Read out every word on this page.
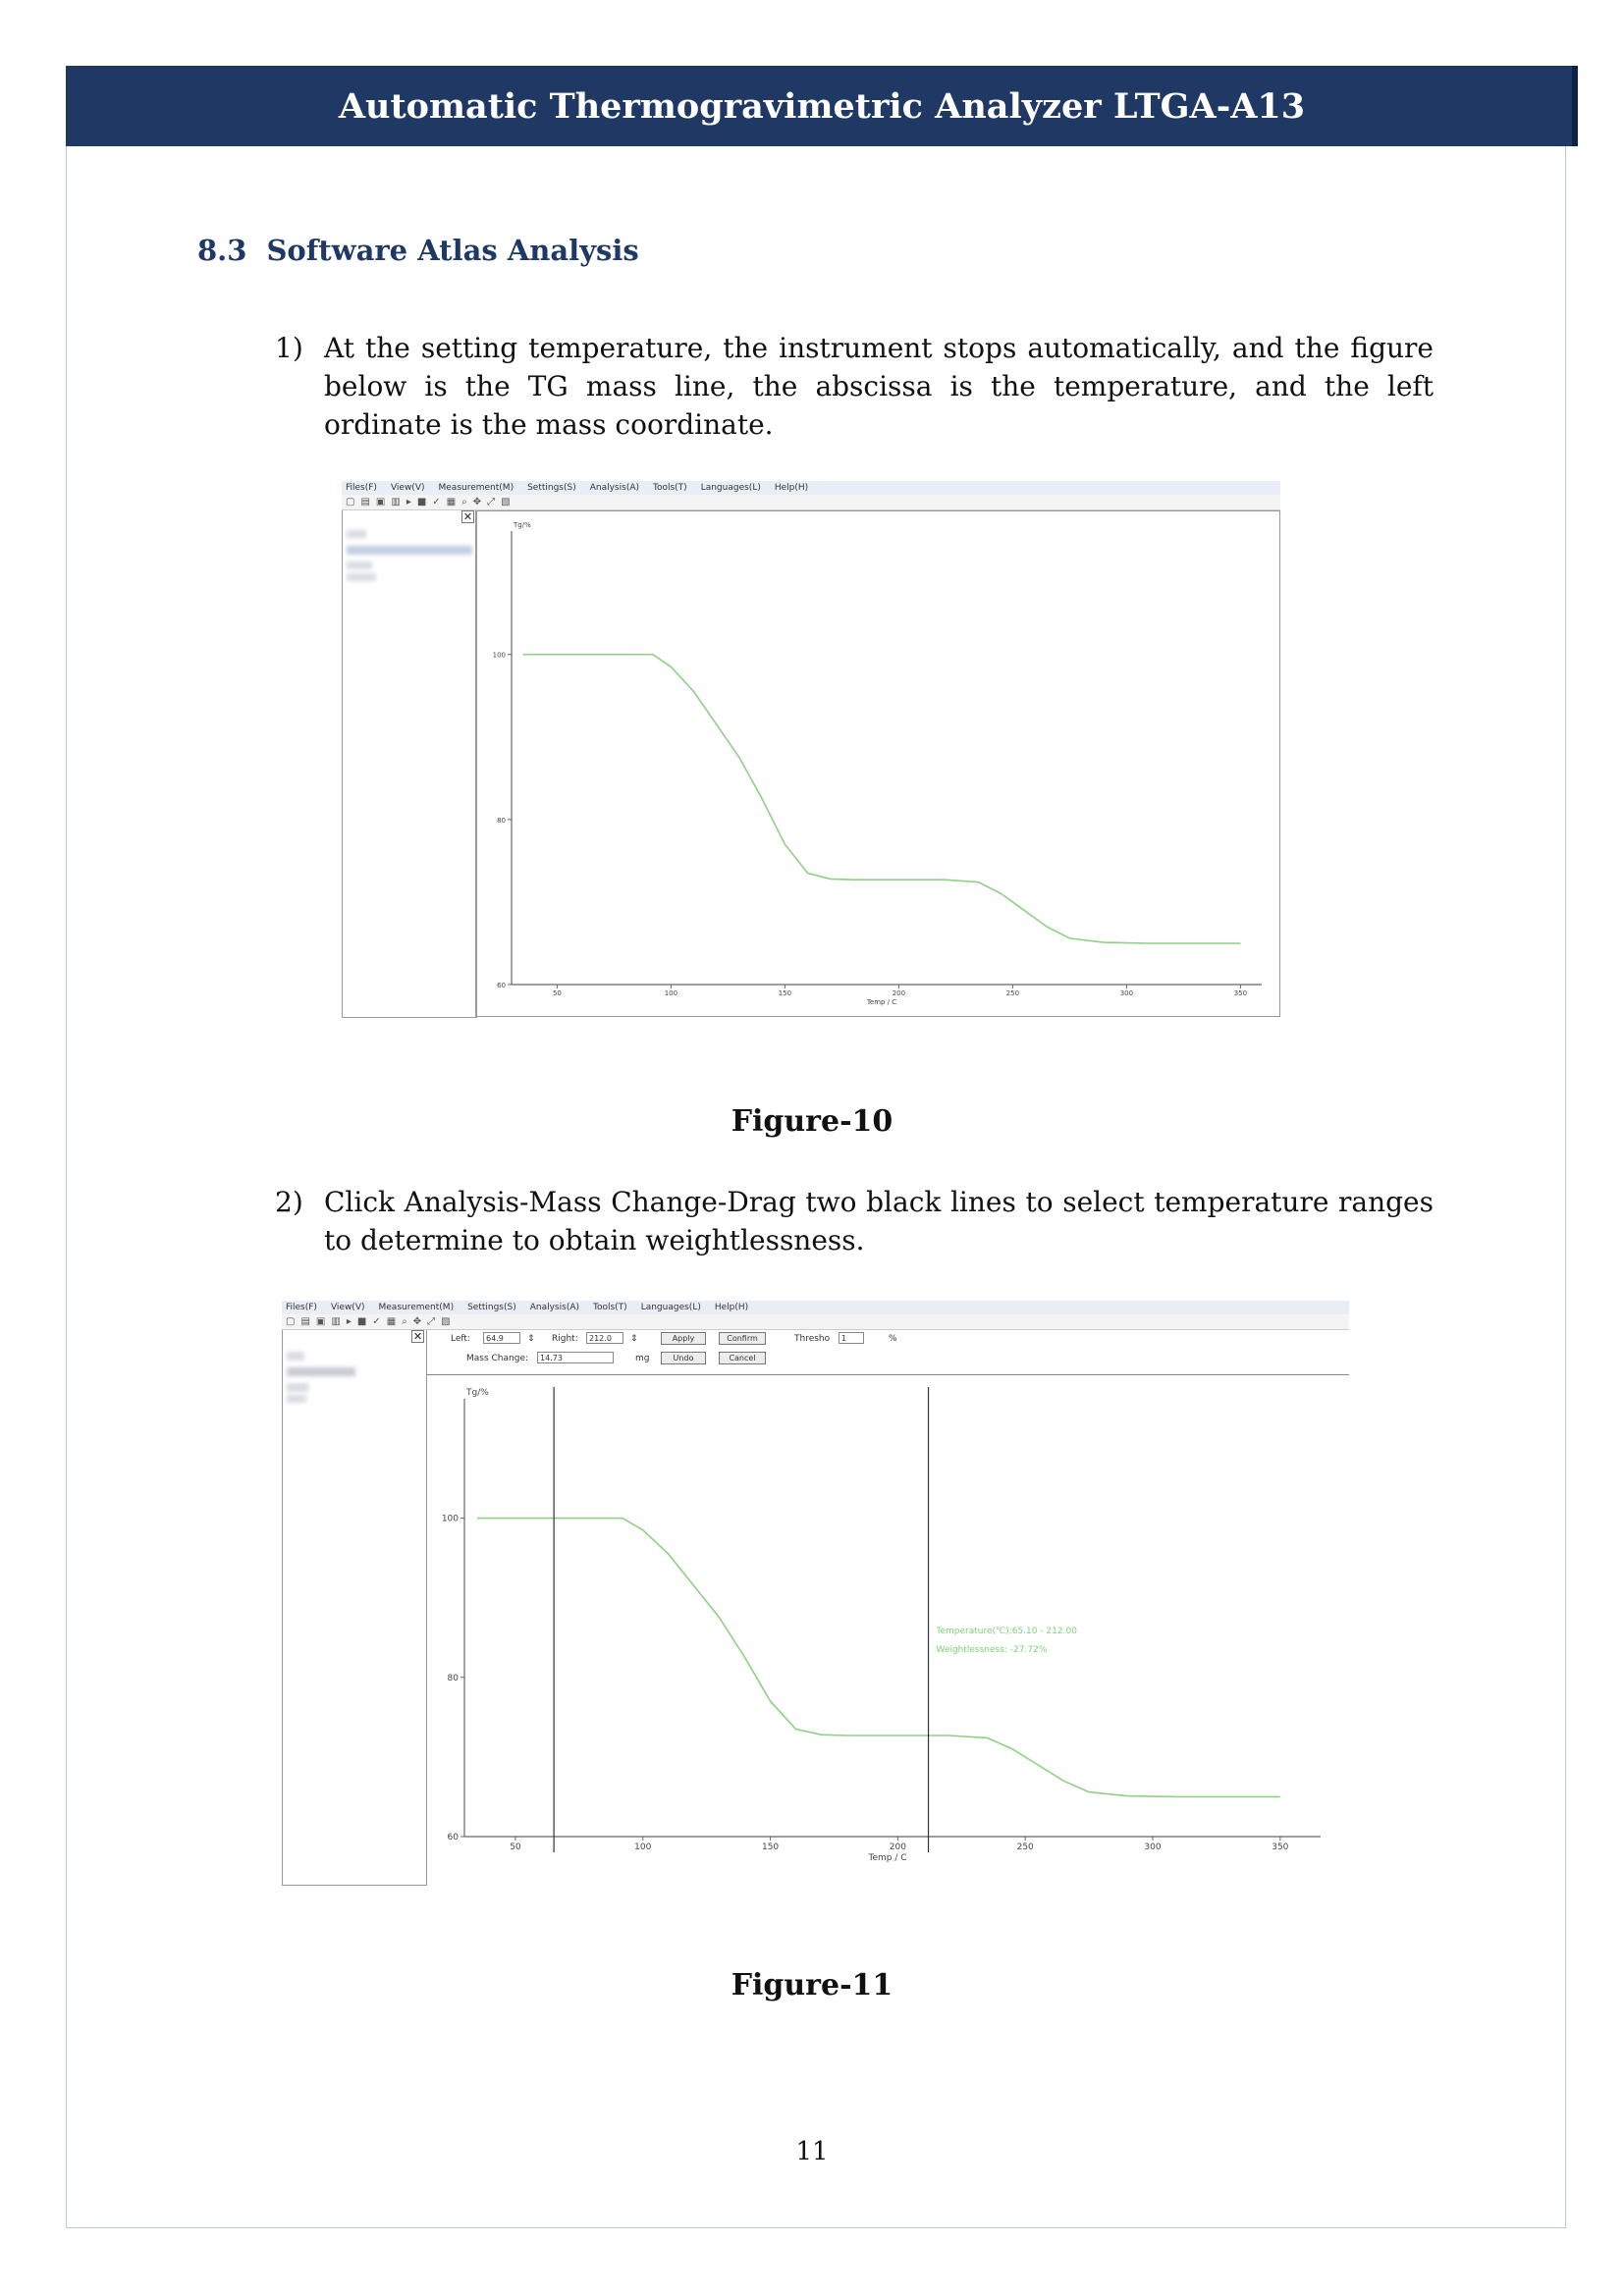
Automatic Thermogravimetric Analyzer LTGA-A13
8.3 Software Atlas Analysis
1) At the setting temperature, the instrument stops automatically, and the figure below is the TG mass line, the abscissa is the temperature, and the left ordinate is the mass coordinate.
Files(F) View(V) Measurement(M) Settings(S) Analysis(A) Tools(T) Languages(L) Help(H)
▢ ▤ ▣ ▥ ▸ ■ ✓ ▦ ⌕ ✥ ⤢ ▧
✕
60
80
100
50	100	150	200	250	300	350
Tg/%
Temp / C
Figure-10
2) Click Analysis-Mass Change-Drag two black lines to select temperature ranges to determine to obtain weightlessness.
Files(F) View(V) Measurement(M) Settings(S) Analysis(A) Tools(T) Languages(L) Help(H)
▢ ▤ ▣ ▥ ▸ ■ ✓ ▦ ⌕ ✥ ⤢ ▧
✕	Left:	64.9	⇕ Right:	212.0	⇕	Apply	Confirm	Thresho	1	%
Mass Change:	14.73	mg	Undo	Cancel
60
80
100
50	100	150	200	250	300	350
Tg/%
Temp / C
Temperature(℃):65.10 - 212.00
Weightlessness: -27.72%
Figure-11
11
